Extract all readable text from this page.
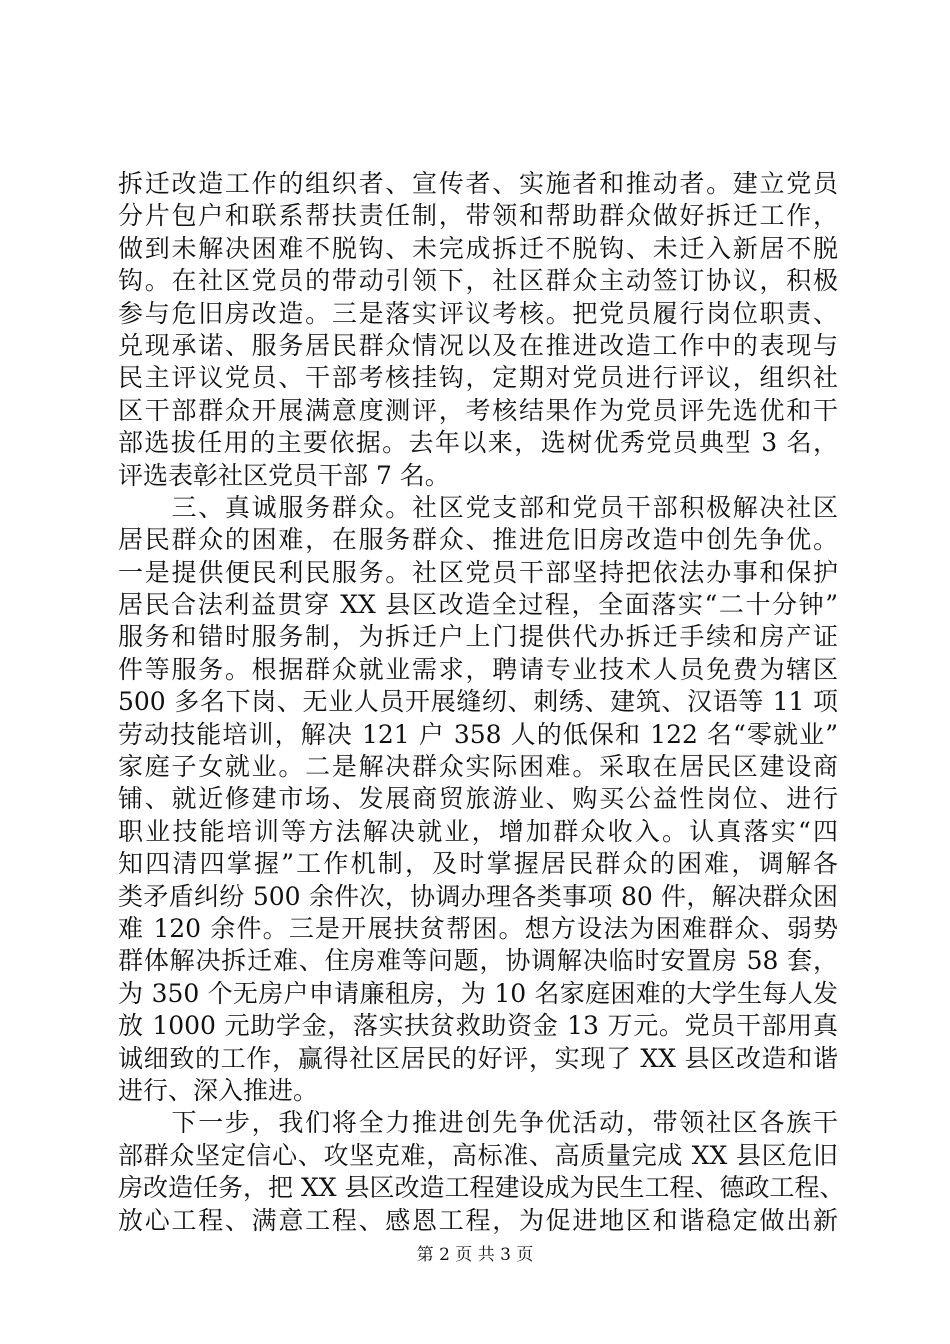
拆迁改造工作的组织者、宣传者、实施者和推动者。建立党员
分片包户和联系帮扶责任制，带领和帮助群众做好拆迁工作，
做到未解决困难不脱钩、未完成拆迁不脱钩、未迁入新居不脱
钩。在社区党员的带动引领下，社区群众主动签订协议，积极
参与危旧房改造。三是落实评议考核。把党员履行岗位职责、
兑现承诺、服务居民群众情况以及在推进改造工作中的表现与
民主评议党员、干部考核挂钩，定期对党员进行评议，组织社
区干部群众开展满意度测评，考核结果作为党员评先选优和干
部选拔任用的主要依据。去年以来，选树优秀党员典型 3 名，
评选表彰社区党员干部 7 名。
　　三、真诚服务群众。社区党支部和党员干部积极解决社区
居民群众的困难，在服务群众、推进危旧房改造中创先争优。
一是提供便民利民服务。社区党员干部坚持把依法办事和保护
居民合法利益贯穿 XX 县区改造全过程，全面落实“二十分钟”
服务和错时服务制，为拆迁户上门提供代办拆迁手续和房产证
件等服务。根据群众就业需求，聘请专业技术人员免费为辖区
500 多名下岗、无业人员开展缝纫、刺绣、建筑、汉语等 11 项
劳动技能培训，解决 121 户 358 人的低保和 122 名“零就业”
家庭子女就业。二是解决群众实际困难。采取在居民区建设商
铺、就近修建市场、发展商贸旅游业、购买公益性岗位、进行
职业技能培训等方法解决就业，增加群众收入。认真落实“四
知四清四掌握”工作机制，及时掌握居民群众的困难，调解各
类矛盾纠纷 500 余件次，协调办理各类事项 80 件，解决群众困
难 120 余件。三是开展扶贫帮困。想方设法为困难群众、弱势
群体解决拆迁难、住房难等问题，协调解决临时安置房 58 套，
为 350 个无房户申请廉租房，为 10 名家庭困难的大学生每人发
放 1000 元助学金，落实扶贫救助资金 13 万元。党员干部用真
诚细致的工作，赢得社区居民的好评，实现了 XX 县区改造和谐
进行、深入推进。
　　下一步，我们将全力推进创先争优活动，带领社区各族干
部群众坚定信心、攻坚克难，高标准、高质量完成 XX 县区危旧
房改造任务，把 XX 县区改造工程建设成为民生工程、德政工程、
放心工程、满意工程、感恩工程，为促进地区和谐稳定做出新
第 2 页 共 3 页
